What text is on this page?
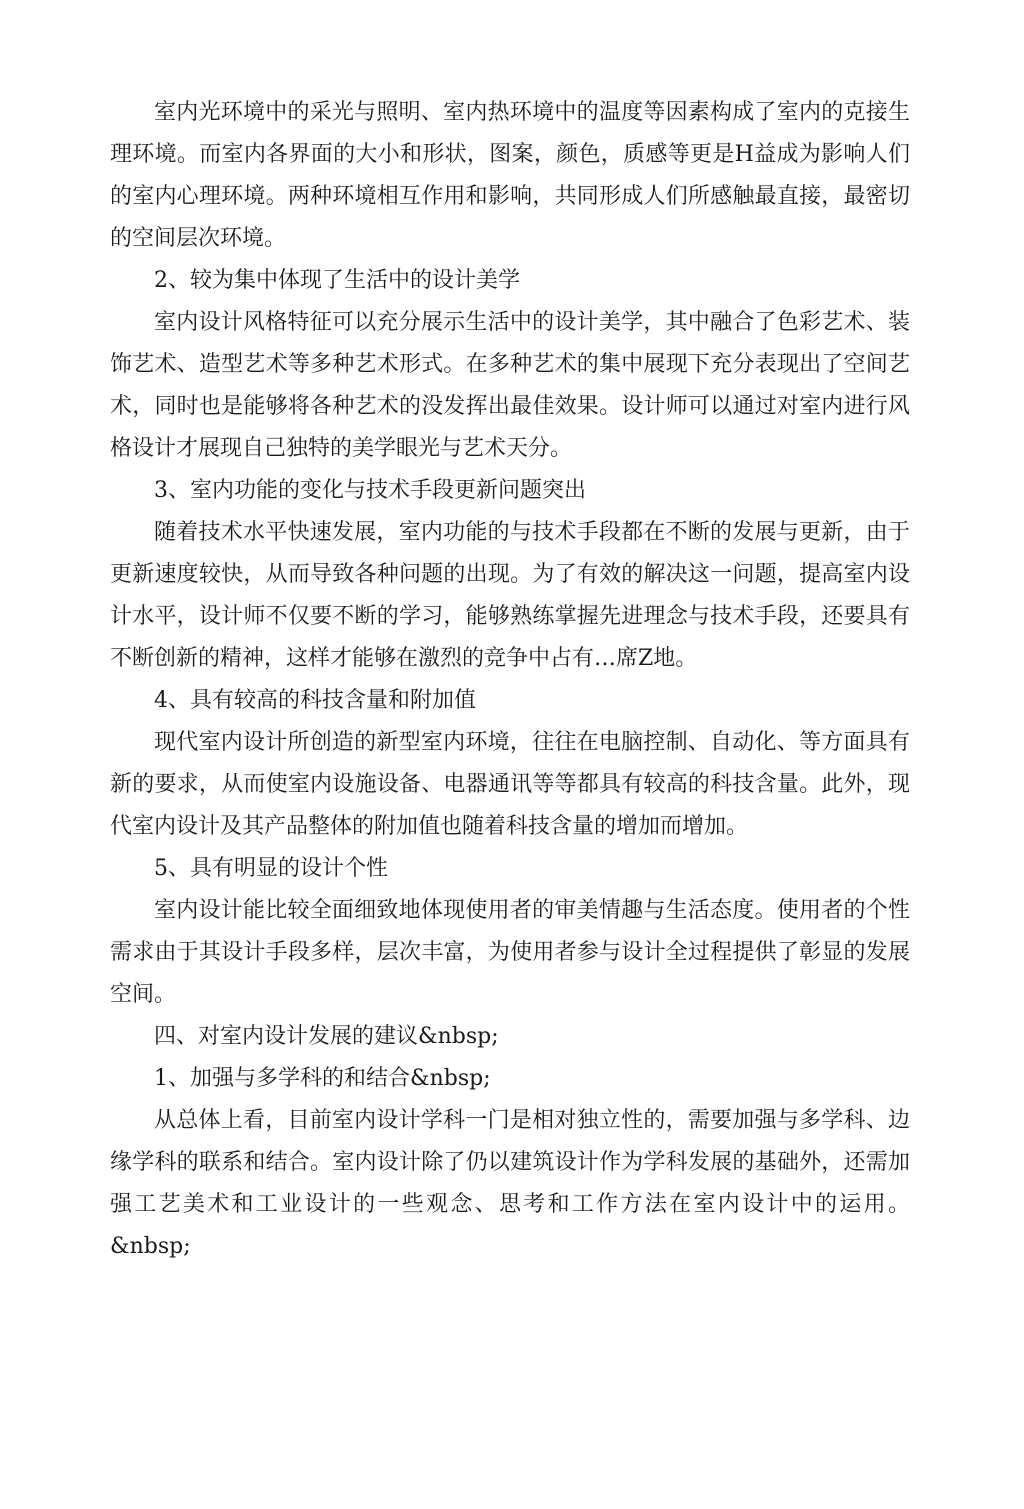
室内光环境中的采光与照明、室内热环境中的温度等因素构成了室内的克接生理环境。而室内各界面的大小和形状，图案，颜色，质感等更是H益成为影响人们的室内心理环境。两种环境相互作用和影响，共同形成人们所感触最直接，最密切的空间层次环境。

2、较为集中体现了生活中的设计美学

室内设计风格特征可以充分展示生活中的设计美学，其中融合了色彩艺术、装饰艺术、造型艺术等多种艺术形式。在多种艺术的集中展现下充分表现出了空间艺术，同时也是能够将各种艺术的没发挥出最佳效果。设计师可以通过对室内进行风格设计才展现自己独特的美学眼光与艺术天分。

3、室内功能的变化与技术手段更新问题突出

随着技术水平快速发展，室内功能的与技术手段都在不断的发展与更新，由于更新速度较快，从而导致各种问题的出现。为了有效的解决这一问题，提高室内设计水平，设计师不仅要不断的学习，能够熟练掌握先进理念与技术手段，还要具有不断创新的精神，这样才能够在激烈的竞争中占有…席Z地。

4、具有较高的科技含量和附加值

现代室内设计所创造的新型室内环境，往往在电脑控制、自动化、等方面具有新的要求，从而使室内设施设备、电器通讯等等都具有较高的科技含量。此外，现代室内设计及其产品整体的附加值也随着科技含量的增加而增加。

5、具有明显的设计个性

室内设计能比较全面细致地体现使用者的审美情趣与生活态度。使用者的个性需求由于其设计手段多样，层次丰富，为使用者参与设计全过程提供了彰显的发展空间。

四、对室内设计发展的建议&nbsp;

1、加强与多学科的和结合&nbsp;

从总体上看，目前室内设计学科一门是相对独立性的，需要加强与多学科、边缘学科的联系和结合。室内设计除了仍以建筑设计作为学科发展的基础外，还需加强工艺美术和工业设计的一些观念、思考和工作方法在室内设计中的运用。&nbsp;
